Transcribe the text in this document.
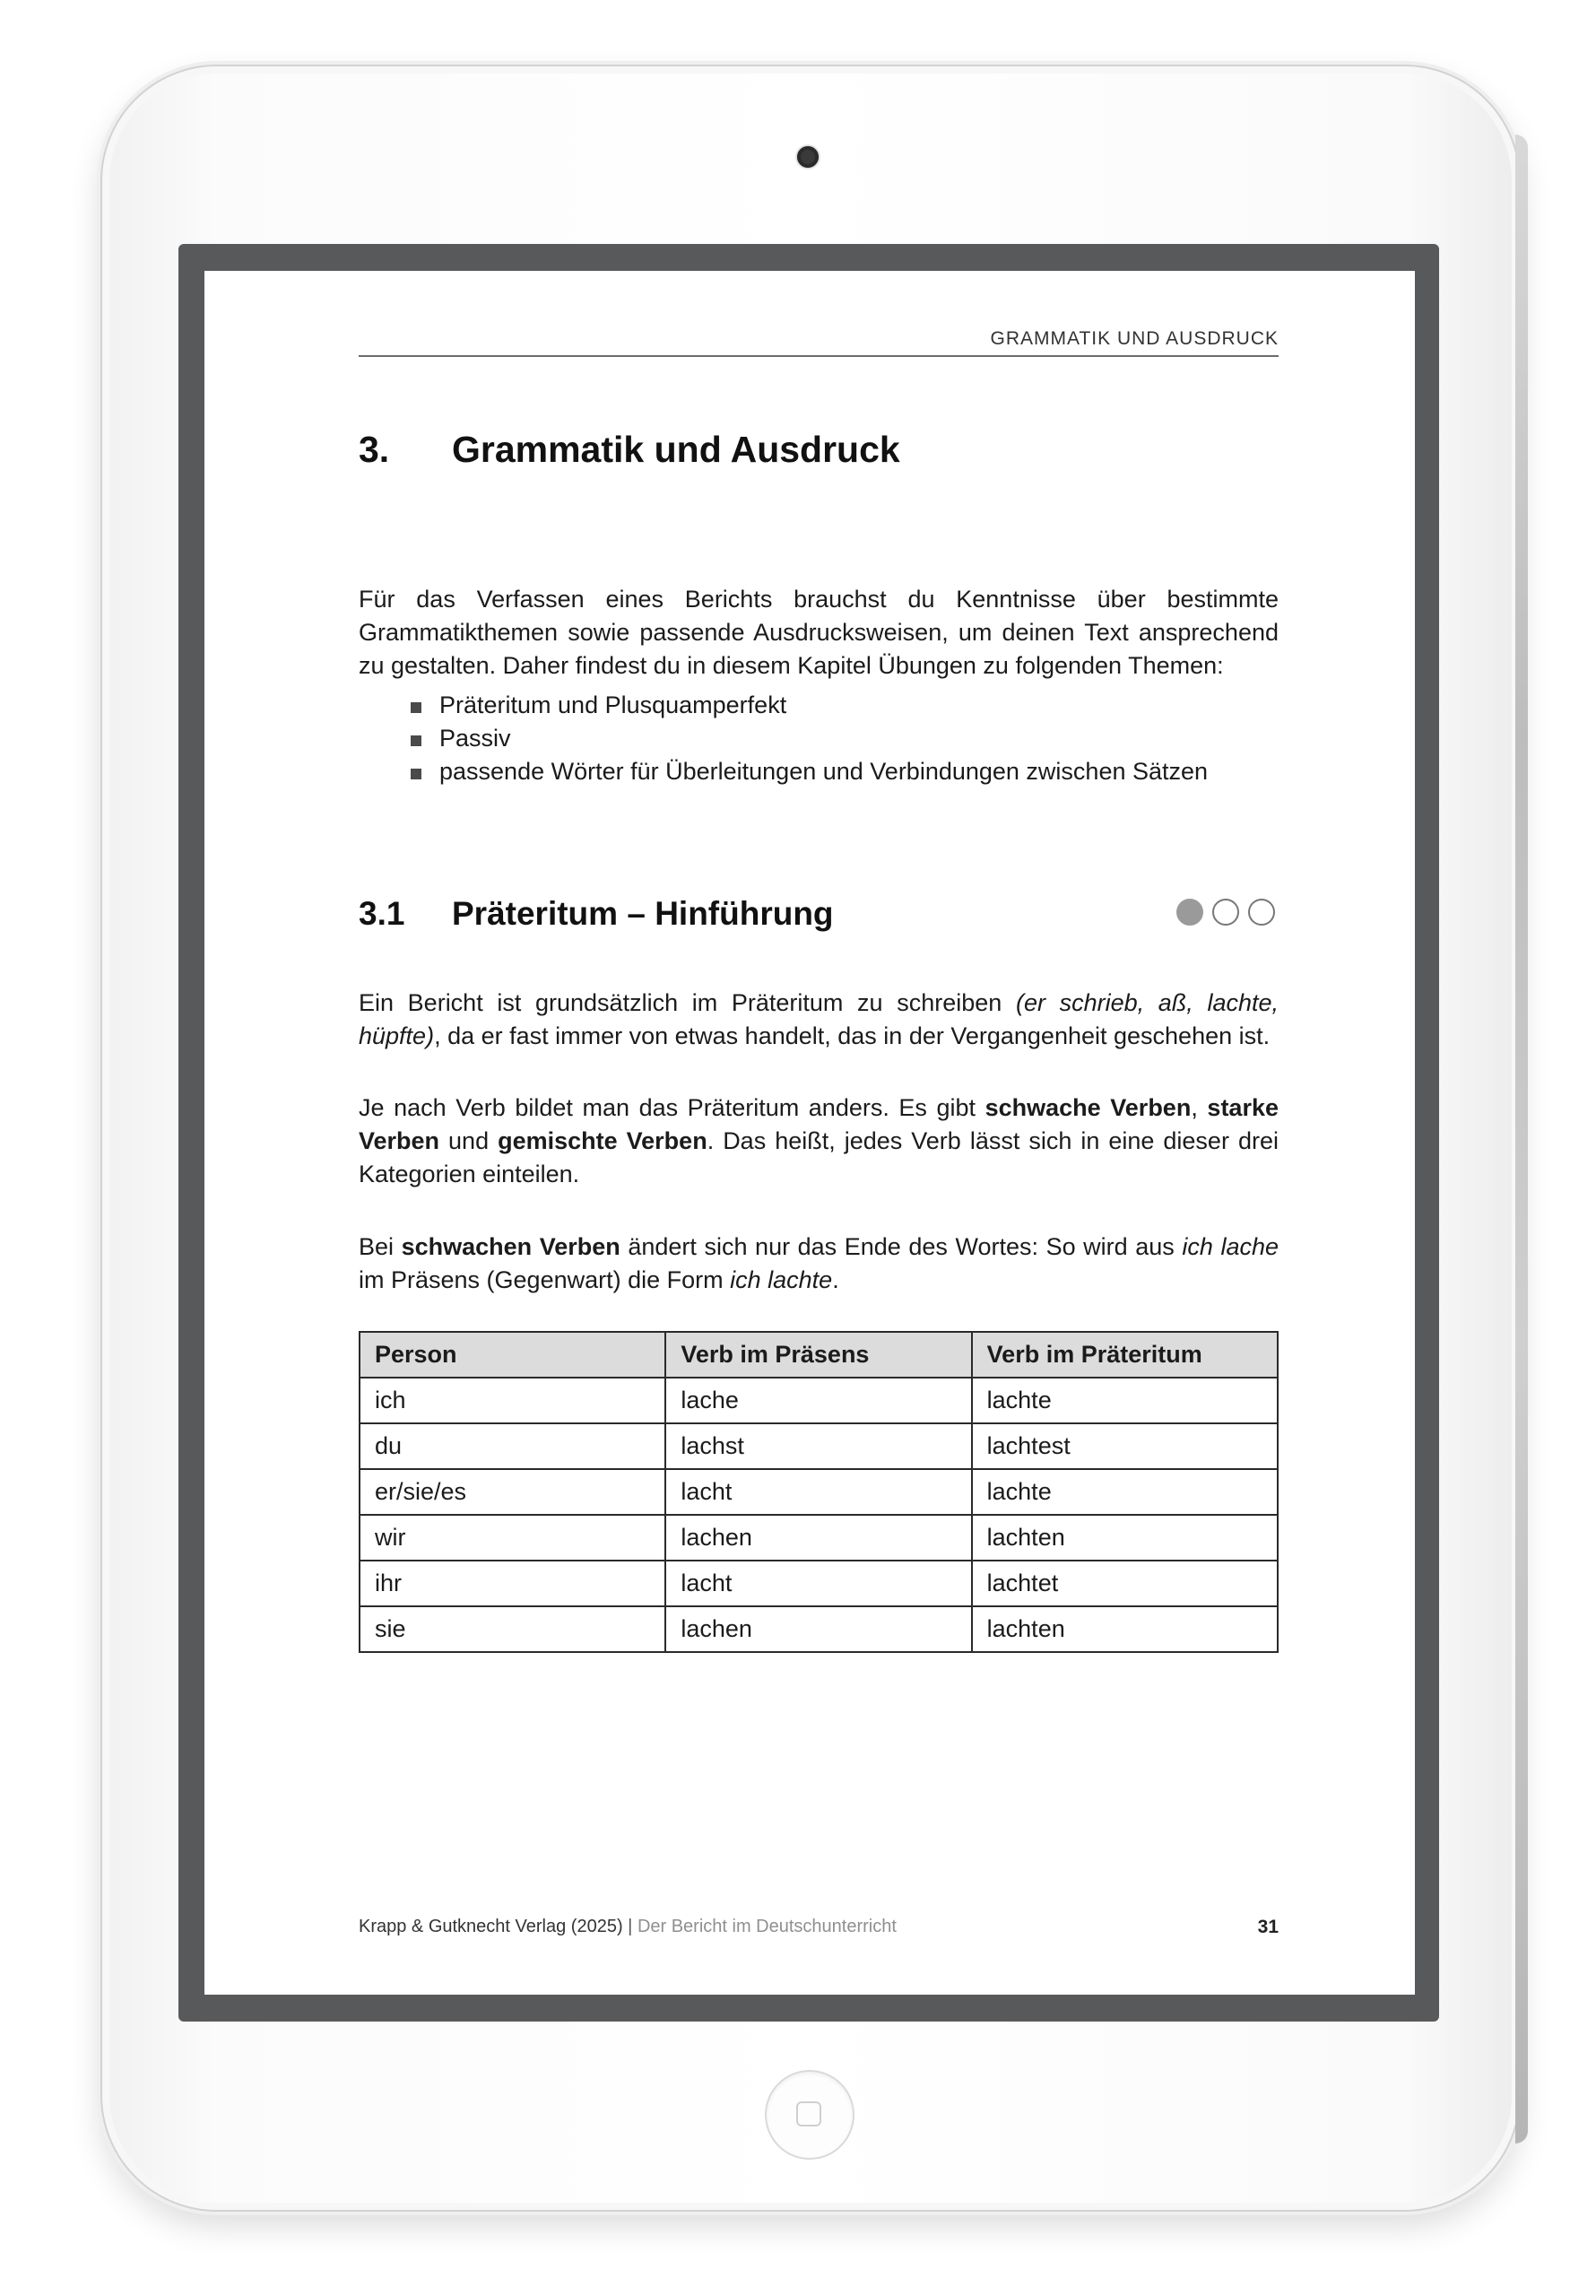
GRAMMATIK UND AUSDRUCK
3. Grammatik und Ausdruck
Für das Verfassen eines Berichts brauchst du Kenntnisse über bestimmte Grammatikthemen sowie passende Ausdrucksweisen, um deinen Text ansprechend zu gestalten. Daher findest du in diesem Kapitel Übungen zu folgenden Themen:
Präteritum und Plusquamperfekt
Passiv
passende Wörter für Überleitungen und Verbindungen zwischen Sätzen
3.1 Präteritum – Hinführung
Ein Bericht ist grundsätzlich im Präteritum zu schreiben (er schrieb, aß, lachte, hüpfte), da er fast immer von etwas handelt, das in der Vergangenheit geschehen ist.
Je nach Verb bildet man das Präteritum anders. Es gibt schwache Verben, starke Verben und gemischte Verben. Das heißt, jedes Verb lässt sich in eine dieser drei Kategorien einteilen.
Bei schwachen Verben ändert sich nur das Ende des Wortes: So wird aus ich lache im Präsens (Gegenwart) die Form ich lachte.
Person	Verb im Präsens	Verb im Präteritum
ich	lache	lachte
du	lachst	lachtest
er/sie/es	lacht	lachte
wir	lachen	lachten
ihr	lacht	lachtet
sie	lachen	lachten
Krapp & Gutknecht Verlag (2025) | Der Bericht im Deutschunterricht	31
